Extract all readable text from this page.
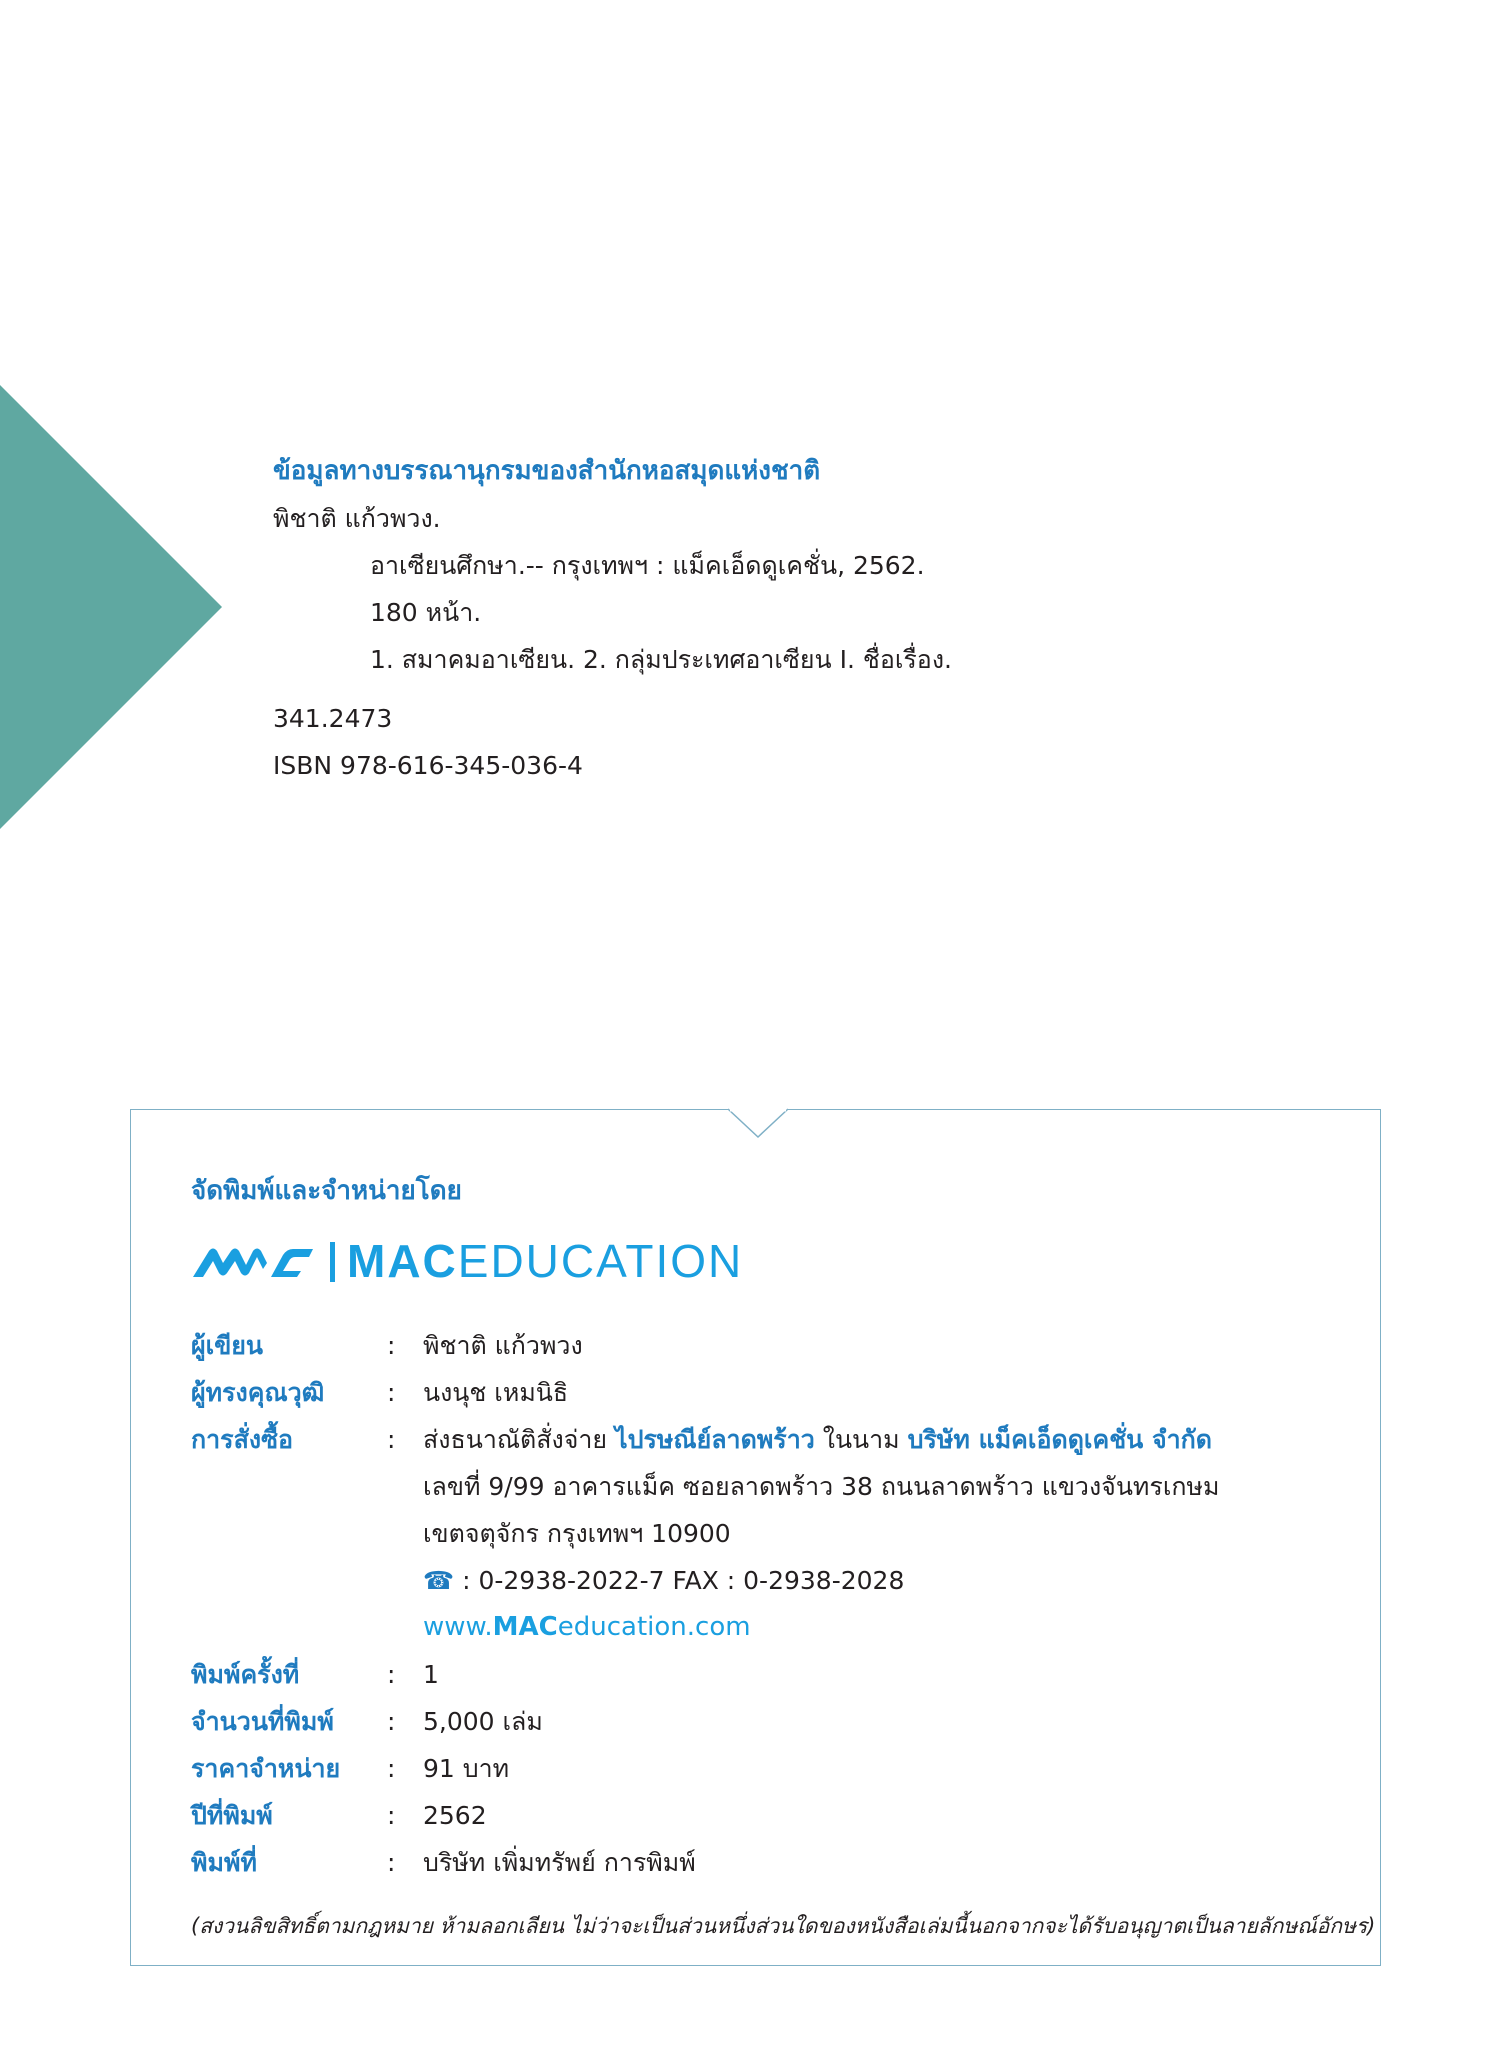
ข้อมูลทางบรรณานุกรมของสำนักหอสมุดแห่งชาติ
พิชาติ แก้วพวง.
อาเซียนศึกษา.-- กรุงเทพฯ : แม็คเอ็ดดูเคชั่น, 2562.
180 หน้า.
1. สมาคมอาเซียน. 2. กลุ่มประเทศอาเซียน I. ชื่อเรื่อง.
341.2473
ISBN 978-616-345-036-4
จัดพิมพ์และจำหน่ายโดย
MACEDUCATION
ผู้เขียน	:	พิชาติ แก้วพวง
ผู้ทรงคุณวุฒิ	:	นงนุช เหมนิธิ
การสั่งซื้อ	:	ส่งธนาณัติสั่งจ่าย ไปรษณีย์ลาดพร้าว ในนาม บริษัท แม็คเอ็ดดูเคชั่น จำกัด
เลขที่ 9/99 อาคารแม็ค ซอยลาดพร้าว 38 ถนนลาดพร้าว แขวงจันทรเกษม
เขตจตุจักร กรุงเทพฯ 10900
☎ : 0-2938-2022-7 FAX : 0-2938-2028
www.MACeducation.com
พิมพ์ครั้งที่	:	1
จำนวนที่พิมพ์	:	5,000 เล่ม
ราคาจำหน่าย	:	91 บาท
ปีที่พิมพ์	:	2562
พิมพ์ที่	:	บริษัท เพิ่มทรัพย์ การพิมพ์
(สงวนลิขสิทธิ์ตามกฎหมาย ห้ามลอกเลียน ไม่ว่าจะเป็นส่วนหนึ่งส่วนใดของหนังสือเล่มนี้นอกจากจะได้รับอนุญาตเป็นลายลักษณ์อักษร)
